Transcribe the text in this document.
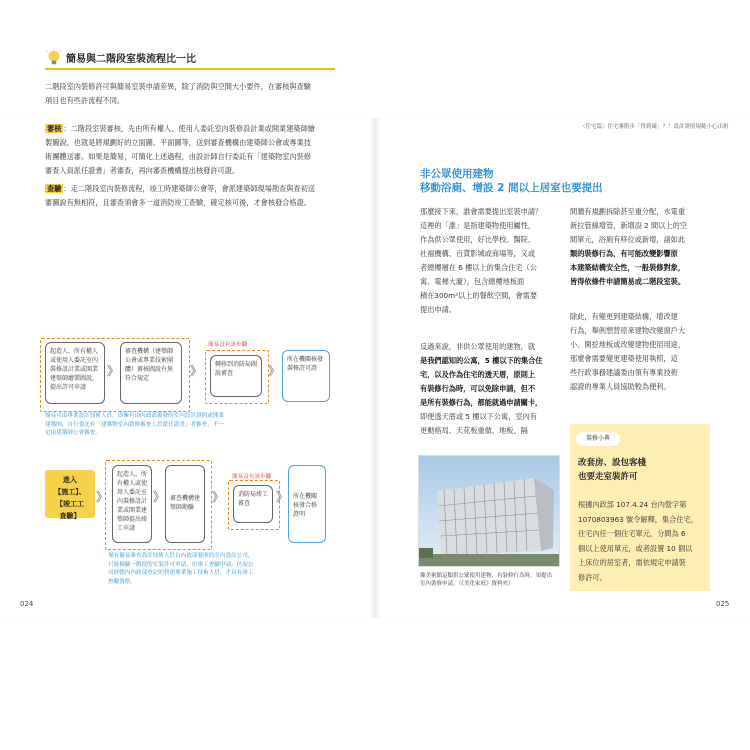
簡易與二階段室裝流程比一比
二階段室內裝修許可與簡易室裝申請差異，除了消防與空間大小要件，在審核與查驗
項目也有些許流程不同。
審核 ：二階段室裝審核，先由所有權人、使用人委託室內裝修設計業或開業建築師繪
製圖說，也就是將規劃好的立面圖、平面圖等，送到審查機構由建築師公會或專業技
術團體送審。如果是簡易，可簡化上述過程，由設計師自行委託有「建築物室內裝修
審查人員派任證書」者審查，再向審查機構提出核發許可證。
查驗 ：走二階段室內裝修流程，竣工時建築師公會等，會派建築師現場勘查與查初送
審圖說有無相符，且審查須會多一道消防竣工查驗，確定核可後，才會核發合格證。
起造人、所有權人或使用人委託室內裝修設計業或開業建築師繪製圖說，提出許可申請
》
審查機構（建築師公會或專業技術團體）審核圖說有無符合規定
》
簡易沒有該步驟
轉移到消防局圖說審查	》
所在機關核發裝修許可證
簡易可由專業設計技術人員，即擁有由內政部頒發的室內設計證照或開業建築師，自行委託有「建築物室內裝修審查人員派任證書」者審查，不一定由建築師公會審查。
進入
【施工】、
【竣工工
查驗】
》
起造人、所有權人或使用人委託室內裝修設計業或開業建築師提出竣工申請
》 審查機構建築師勘驗
》
簡易沒有該步驟
消防局竣工審查	》 所在機關核發合格證明
僅有簡易審查設計技術人員自內政部發照的室內設計公司，只能檢驗一階段的室裝許可申請，但竣工查驗申請，仍須公司經轄內內政部登記的營建專業施工技術人員，才具有竣工查驗資格。
024
〈住宅篇〉住宅審階步「得到確」？！設計證照規範小心出租
非公眾使用建物
移動浴廁、增設 2 間以上居室也要提出
那麼接下來，誰會需要提出室裝申請？
這裡的「誰」是指建築物使用屬性，
作為供公眾使用，好比學校、醫院、
社福機構、百貨影城或商場等，又或
者總樓層在 6 樓以上的集合住宅（公
寓、電梯大廈），包含總樓地板面
積在300m²以上的餐飲空間，會需要
提出申請。
反過來說，非供公眾使用的建物，就
是我們認知的公寓，5 樓以下的集合住
宅，以及作為住宅的透天厝，原則上
有裝修行為時，可以免除申請，但不
是所有裝修行為，都能就過申請關卡，
即便透天厝或 5 樓以下公寓，室內有
更動格局、天花板重做、地板、隔
間牆有規劃拆除甚至重分配，水電重
新拉管線增管，新增設 2 間以上的空
間單元，浴廁有移位或新增，諸如此
類的裝修行為，有可能改變影響原
本建築結構安全性，一般裝修對象，
皆得依條件申請簡易或二階段室裝。
除此，有變更到建築結構，增改建
行為，舉例想替原來建物改變窗戶大
小、開挖地板或改變建物使用用途，
那麼會需要變更建築使用執照，這
些行政事務建議委由領有專業技術
認證的專業人員協助較為便利。
像美術館這類供公眾使用建物，有裝修行為時，須提出室內裝修申請。（《美化家庭》資料夾）
裝修小典
改套房、設包客棧
也要走室裝許可
根據內政部 107.4.24 台內營字第
1070803963 號令解釋，集合住宅，
住宅內任一個住宅單元，分間為 6
個以上使用單元，或者設置 10 個以
上床位的居室者，需依規定申請裝
修許可。
025
